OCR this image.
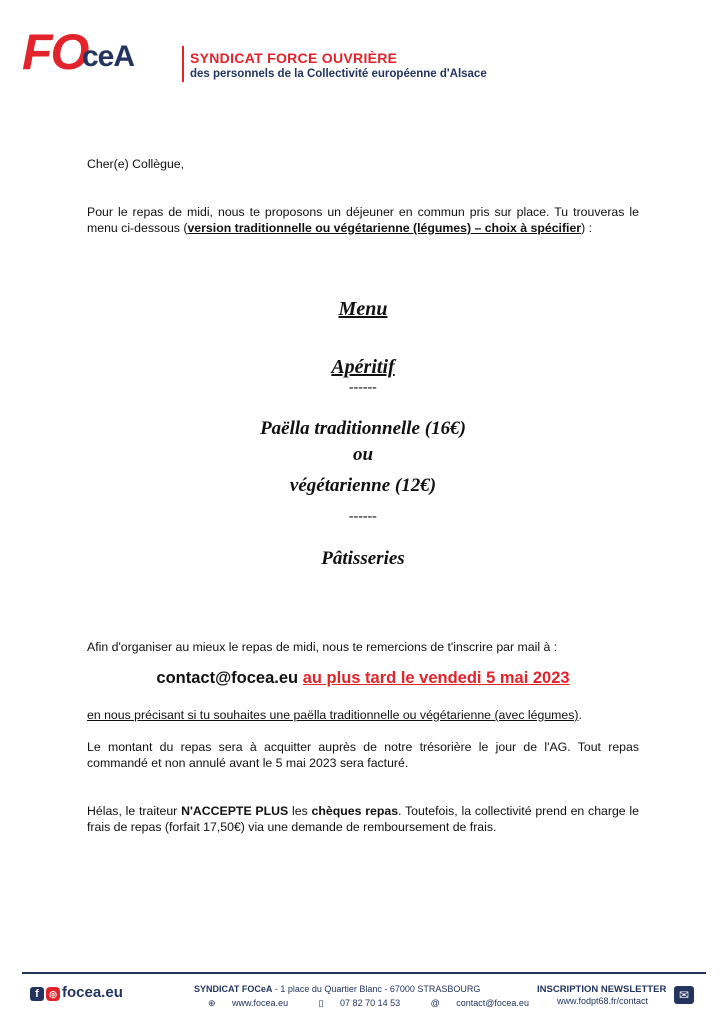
FO
ceA	SYNDICAT FORCE OUVRIÈRE
des personnels de la Collectivité européenne d'Alsace
Cher(e) Collègue,
Pour le repas de midi, nous te proposons un déjeuner en commun pris sur place. Tu trouveras le menu ci-dessous (version traditionnelle ou végétarienne (légumes) – choix à spécifier) :
Menu
Apéritif
------
Paëlla traditionnelle (16€)
ou
végétarienne (12€)
------
Pâtisseries
Afin d'organiser au mieux le repas de midi, nous te remercions de t'inscrire par mail à :
contact@focea.eu au plus tard le vendedi 5 mai 2023
en nous précisant si tu souhaites une paëlla traditionnelle ou végétarienne (avec légumes).
Le montant du repas sera à acquitter auprès de notre trésorière le jour de l'AG. Tout repas commandé et non annulé avant le 5 mai 2023 sera facturé.
Hélas, le traiteur N'ACCEPTE PLUS les chèques repas. Toutefois, la collectivité prend en charge le frais de repas (forfait 17,50€) via une demande de remboursement de frais.
f	◎ focea.eu	SYNDICAT FOCeA - 1 place du Quartier Blanc - 67000 STRASBOURG
⊕ www.focea.eu	▯ 07 82 70 14 53	@ contact@focea.eu
INSCRIPTION NEWSLETTER
www.fodpt68.fr/contact	✉
